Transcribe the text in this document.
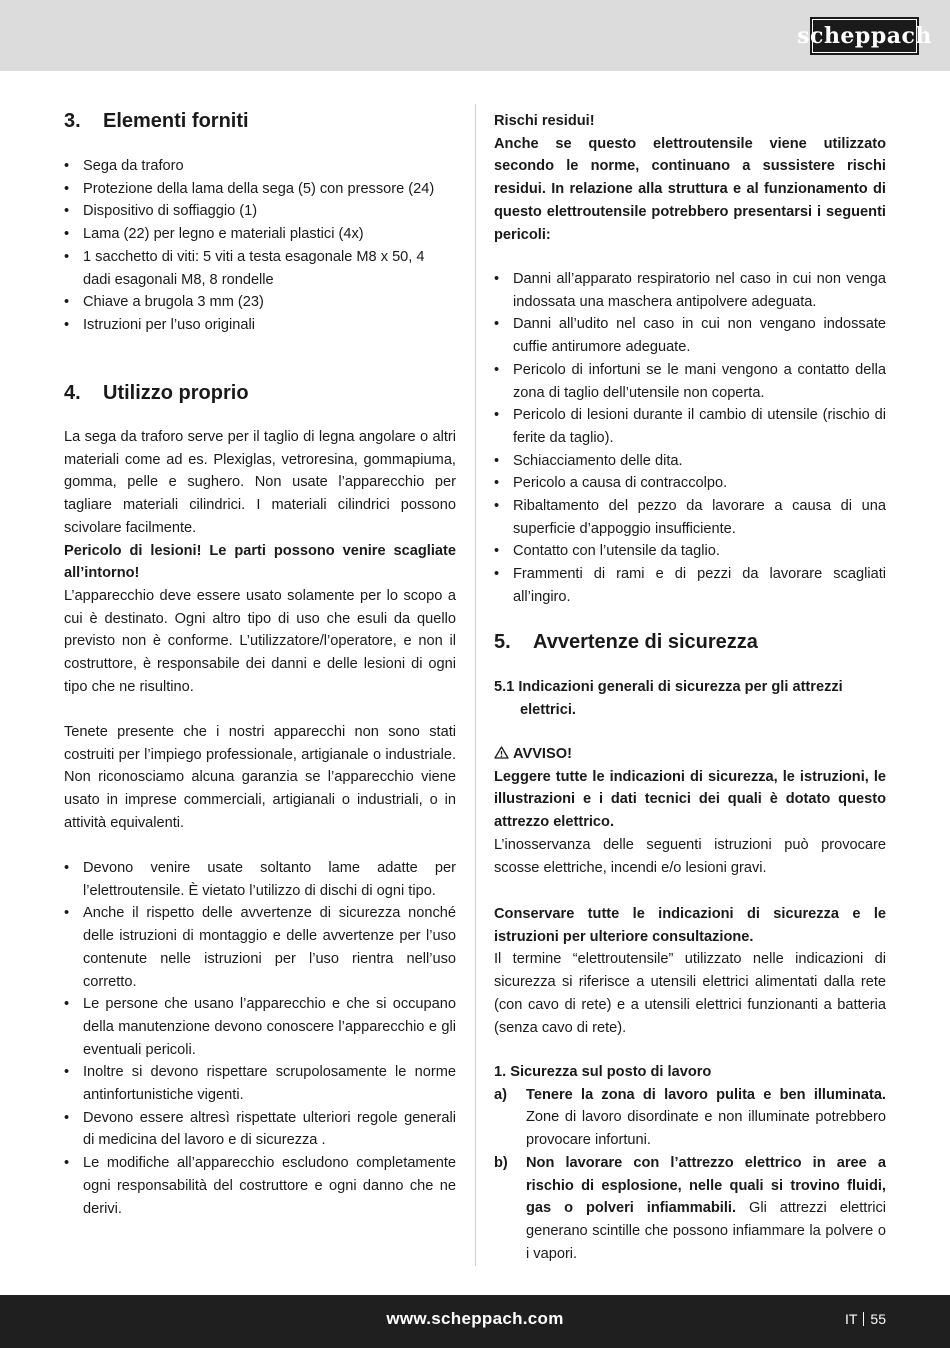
scheppach
3.	Elementi forniti
• Sega da traforo
• Protezione della lama della sega (5) con pressore (24)
• Dispositivo di soffiaggio (1)
• Lama (22) per legno e materiali plastici (4x)
• 1 sacchetto di viti: 5 viti a testa esagonale M8 x 50, 4 dadi esagonali M8, 8 rondelle
• Chiave a brugola 3 mm (23)
• Istruzioni per l’uso originali
4.	Utilizzo proprio

La sega da traforo serve per il taglio di legna angolare o altri materiali come ad es. Plexiglas, vetroresina, gommapiuma, gomma, pelle e sughero. Non usate l’apparecchio per tagliare materiali cilindrici. I materiali cilindrici possono scivolare facilmente.

Pericolo di lesioni! Le parti possono venire scagliate all’intorno!

L’apparecchio deve essere usato solamente per lo scopo a cui è destinato. Ogni altro tipo di uso che esuli da quello previsto non è conforme. L’utilizzatore/l’operatore, e non il costruttore, è responsabile dei danni e delle lesioni di ogni tipo che ne risultino.

Tenete presente che i nostri apparecchi non sono stati costruiti per l’impiego professionale, artigianale o industriale. Non riconosciamo alcuna garanzia se l’apparecchio viene usato in imprese commerciali, artigianali o industriali, o in attività equivalenti.

• Devono venire usate soltanto lame adatte per l’elettroutensile. È vietato l’utilizzo di dischi di ogni tipo.
• Anche il rispetto delle avvertenze di sicurezza nonché delle istruzioni di montaggio e delle avvertenze per l’uso contenute nelle istruzioni per l’uso rientra nell’uso corretto.
• Le persone che usano l’apparecchio e che si occupano della manutenzione devono conoscere l’apparecchio e gli eventuali pericoli.
• Inoltre si devono rispettare scrupolosamente le norme antinfortunistiche vigenti.
• Devono essere altresì rispettate ulteriori regole generali di medicina del lavoro e di sicurezza .
• Le modifiche all’apparecchio escludono completamente ogni responsabilità del costruttore e ogni danno che ne derivi.

Rischi residui!

Anche se questo elettroutensile viene utilizzato secondo le norme, continuano a sussistere rischi residui. In relazione alla struttura e al funzionamento di questo elettroutensile potrebbero presentarsi i seguenti pericoli:

• Danni all’apparato respiratorio nel caso in cui non venga indossata una maschera antipolvere adeguata.
• Danni all’udito nel caso in cui non vengano indossate cuffie antirumore adeguate.
• Pericolo di infortuni se le mani vengono a contatto della zona di taglio dell’utensile non coperta.
• Pericolo di lesioni durante il cambio di utensile (rischio di ferite da taglio).
• Schiacciamento delle dita.
• Pericolo a causa di contraccolpo.
• Ribaltamento del pezzo da lavorare a causa di una superficie d’appoggio insufficiente.
• Contatto con l’utensile da taglio.
• Frammenti di rami e di pezzi da lavorare scagliati all’ingiro.
5.	Avvertenze di sicurezza

5.1 Indicazioni generali di sicurezza per gli attrezzi elettrici.

AVVISO!

Leggere tutte le indicazioni di sicurezza, le istruzioni, le illustrazioni e i dati tecnici dei quali è dotato questo attrezzo elettrico.

L’inosservanza delle seguenti istruzioni può provocare scosse elettriche, incendi e/o lesioni gravi.

Conservare tutte le indicazioni di sicurezza e le istruzioni per ulteriore consultazione.

Il termine “elettroutensile” utilizzato nelle indicazioni di sicurezza si riferisce a utensili elettrici alimentati dalla rete (con cavo di rete) e a utensili elettrici funzionanti a batteria (senza cavo di rete).

1. Sicurezza sul posto di lavoro

a)	Tenere la zona di lavoro pulita e ben illuminata. Zone di lavoro disordinate e non illuminate potrebbero provocare infortuni.
b)	Non lavorare con l’attrezzo elettrico in aree a rischio di esplosione, nelle quali si trovino fluidi, gas o polveri infiammabili. Gli attrezzi elettrici generano scintille che possono infiammare la polvere o i vapori.
www.scheppach.com	IT 55
